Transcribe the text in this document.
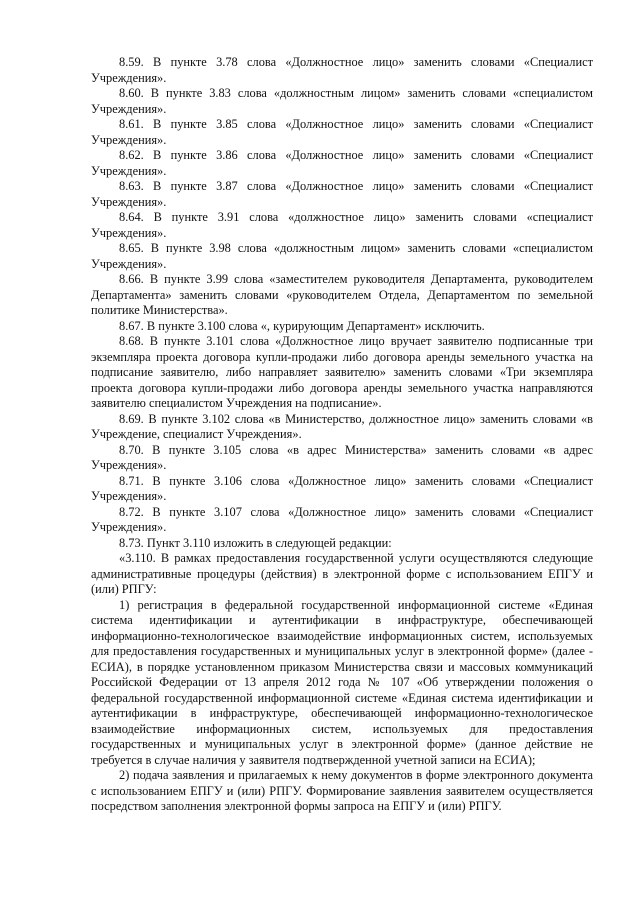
8.59. В пункте 3.78 слова «Должностное лицо» заменить словами «Специалист Учреждения».

8.60. В пункте 3.83 слова «должностным лицом» заменить словами «специалистом Учреждения».

8.61. В пункте 3.85 слова «Должностное лицо» заменить словами «Специалист Учреждения».

8.62. В пункте 3.86 слова «Должностное лицо» заменить словами «Специалист Учреждения».

8.63. В пункте 3.87 слова «Должностное лицо» заменить словами «Специалист Учреждения».

8.64. В пункте 3.91 слова «должностное лицо» заменить словами «специалист Учреждения».

8.65. В пункте 3.98 слова «должностным лицом» заменить словами «специалистом Учреждения».

8.66. В пункте 3.99 слова «заместителем руководителя Департамента, руководителем Департамента» заменить словами «руководителем Отдела, Департаментом по земельной политике Министерства».

8.67. В пункте 3.100 слова «, курирующим Департамент» исключить.

8.68. В пункте 3.101 слова «Должностное лицо вручает заявителю подписанные три экземпляра проекта договора купли-продажи либо договора аренды земельного участка на подписание заявителю, либо направляет заявителю» заменить словами «Три экземпляра проекта договора купли-продажи либо договора аренды земельного участка направляются заявителю специалистом Учреждения на подписание».

8.69. В пункте 3.102 слова «в Министерство, должностное лицо» заменить словами «в Учреждение, специалист Учреждения».

8.70. В пункте 3.105 слова «в адрес Министерства» заменить словами «в адрес Учреждения».

8.71. В пункте 3.106 слова «Должностное лицо» заменить словами «Специалист Учреждения».

8.72. В пункте 3.107 слова «Должностное лицо» заменить словами «Специалист Учреждения».

8.73. Пункт 3.110 изложить в следующей редакции:

«3.110. В рамках предоставления государственной услуги осуществляются следующие административные процедуры (действия) в электронной форме с использованием ЕПГУ и (или) РПГУ:

1) регистрация в федеральной государственной информационной системе «Единая система идентификации и аутентификации в инфраструктуре, обеспечивающей информационно-технологическое взаимодействие информационных систем, используемых для предоставления государственных и муниципальных услуг в электронной форме» (далее - ЕСИА), в порядке установленном приказом Министерства связи и массовых коммуникаций Российской Федерации от 13 апреля 2012 года № 107 «Об утверждении положения о федеральной государственной информационной системе «Единая система идентификации и аутентификации в инфраструктуре, обеспечивающей информационно-технологическое взаимодействие информационных систем, используемых для предоставления государственных и муниципальных услуг в электронной форме» (данное действие не требуется в случае наличия у заявителя подтвержденной учетной записи на ЕСИА);

2) подача заявления и прилагаемых к нему документов в форме электронного документа с использованием ЕПГУ и (или) РПГУ. Формирование заявления заявителем осуществляется посредством заполнения электронной формы запроса на ЕПГУ и (или) РПГУ.
